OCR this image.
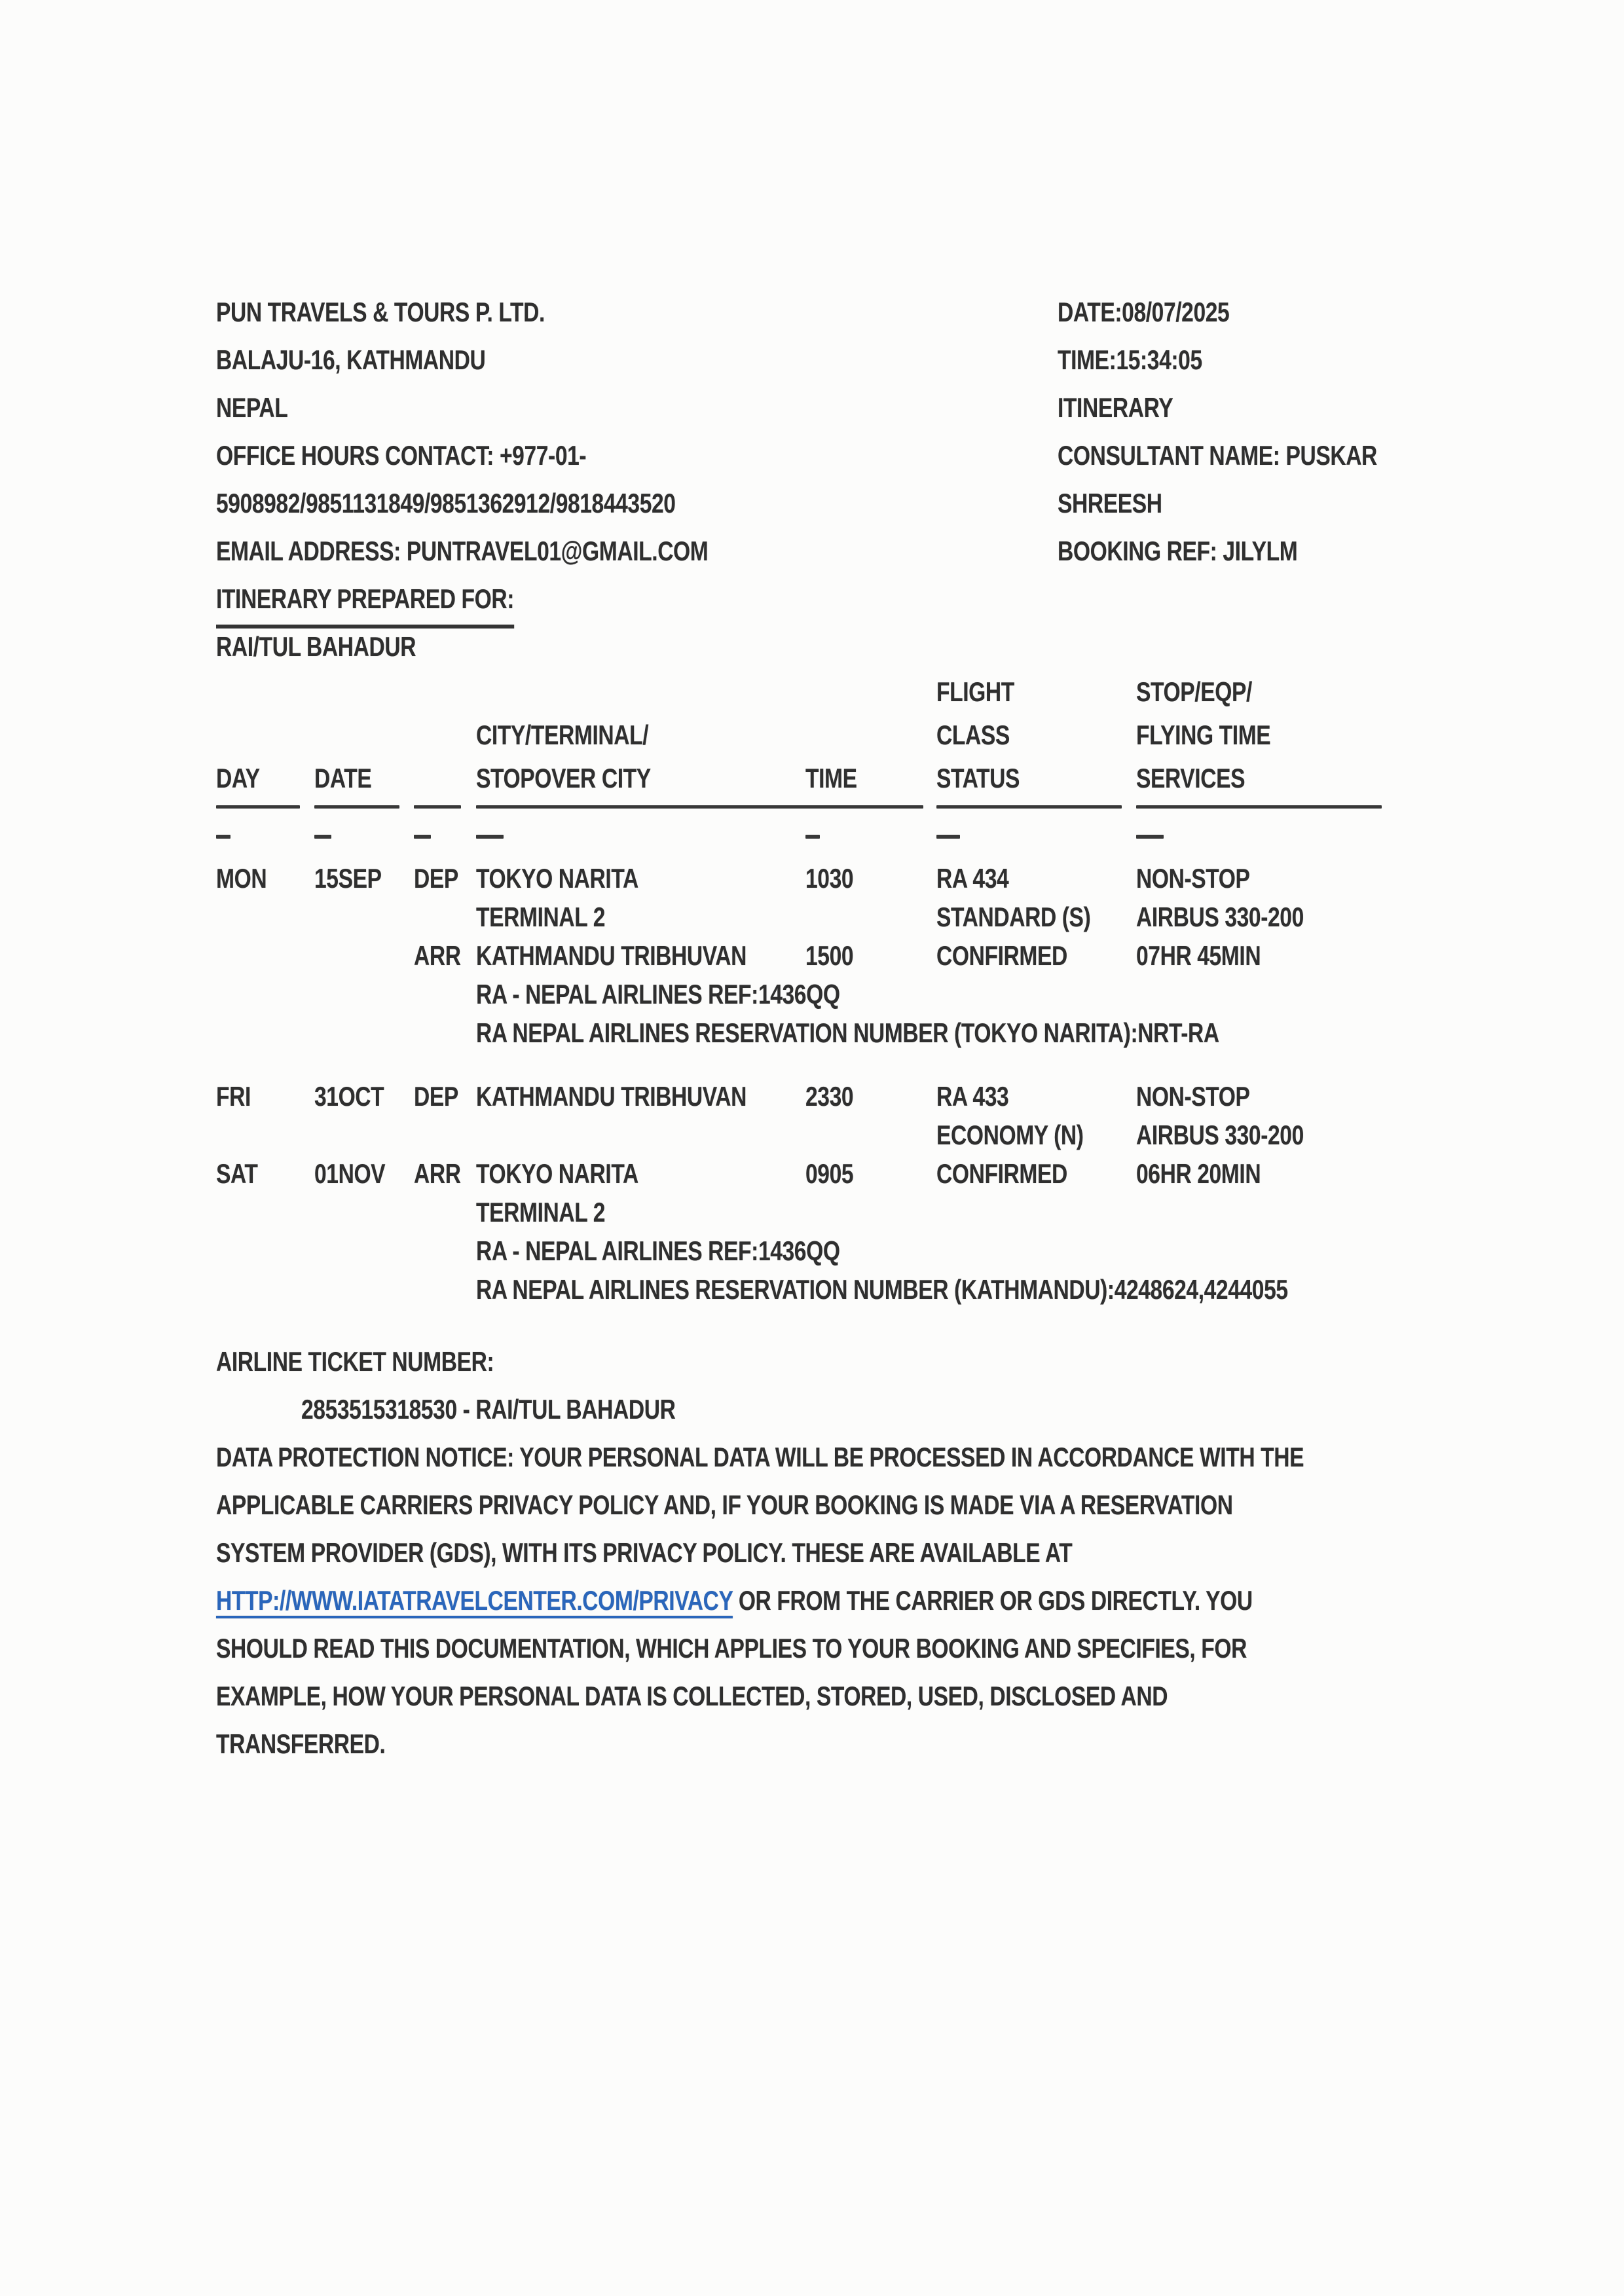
PUN TRAVELS & TOURS P. LTD.
BALAJU-16, KATHMANDU
NEPAL
OFFICE HOURS CONTACT: +977-01-
5908982/9851131849/9851362912/9818443520
EMAIL ADDRESS: PUNTRAVEL01@GMAIL.COM
DATE:08/07/2025
TIME:15:34:05
ITINERARY
CONSULTANT NAME: PUSKAR
SHREESH
BOOKING REF: JILYLM
ITINERARY PREPARED FOR:
RAI/TUL BAHADUR
FLIGHT	STOP/EQP/
CITY/TERMINAL/	CLASS	FLYING TIME
DAY	DATE	STOPOVER CITY	TIME	STATUS	SERVICES
MON	15SEP	DEP TOKYO NARITA	1030	RA 434	NON-STOP
TERMINAL 2	STANDARD (S)	AIRBUS 330-200
ARR KATHMANDU TRIBHUVAN	1500	CONFIRMED	07HR 45MIN
RA - NEPAL AIRLINES REF:1436QQ
RA NEPAL AIRLINES RESERVATION NUMBER (TOKYO NARITA):NRT-RA
FRI	31OCT	DEP KATHMANDU TRIBHUVAN	2330	RA 433	NON-STOP
ECONOMY (N)	AIRBUS 330-200
SAT	01NOV	ARR TOKYO NARITA	0905	CONFIRMED	06HR 20MIN
TERMINAL 2
RA - NEPAL AIRLINES REF:1436QQ
RA NEPAL AIRLINES RESERVATION NUMBER (KATHMANDU):4248624,4244055
AIRLINE TICKET NUMBER:
2853515318530 - RAI/TUL BAHADUR
DATA PROTECTION NOTICE: YOUR PERSONAL DATA WILL BE PROCESSED IN ACCORDANCE WITH THE
APPLICABLE CARRIERS PRIVACY POLICY AND, IF YOUR BOOKING IS MADE VIA A RESERVATION
SYSTEM PROVIDER (GDS), WITH ITS PRIVACY POLICY. THESE ARE AVAILABLE AT
HTTP://WWW.IATATRAVELCENTER.COM/PRIVACY OR FROM THE CARRIER OR GDS DIRECTLY. YOU
SHOULD READ THIS DOCUMENTATION, WHICH APPLIES TO YOUR BOOKING AND SPECIFIES, FOR
EXAMPLE, HOW YOUR PERSONAL DATA IS COLLECTED, STORED, USED, DISCLOSED AND
TRANSFERRED.
